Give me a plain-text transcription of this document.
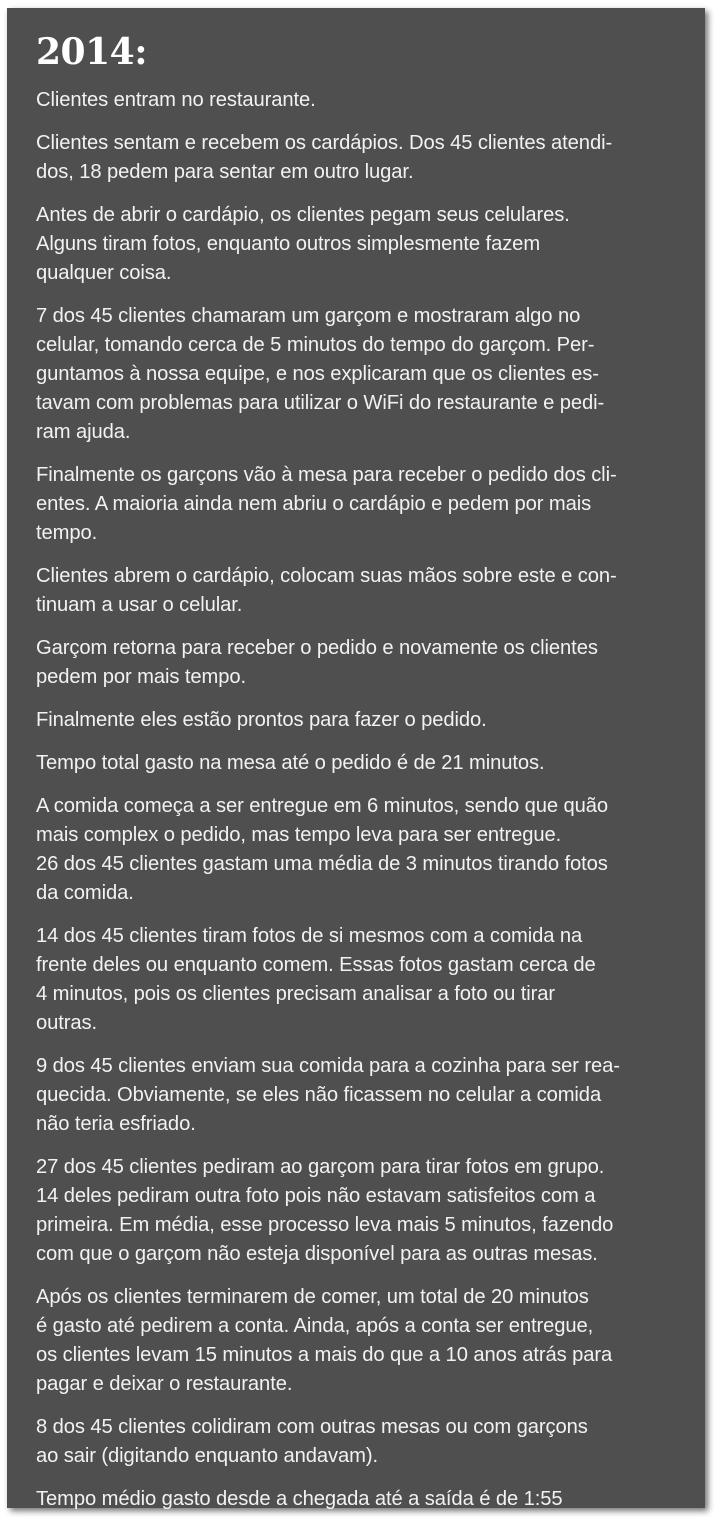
2014:
Clientes entram no restaurante.
Clientes sentam e recebem os cardápios. Dos 45 clientes atendi-
dos, 18 pedem para sentar em outro lugar.
Antes de abrir o cardápio, os clientes pegam seus celulares.
Alguns tiram fotos, enquanto outros simplesmente fazem
qualquer coisa.
7 dos 45 clientes chamaram um garçom e mostraram algo no
celular, tomando cerca de 5 minutos do tempo do garçom. Per-
guntamos à nossa equipe, e nos explicaram que os clientes es-
tavam com problemas para utilizar o WiFi do restaurante e pedi-
ram ajuda.
Finalmente os garçons vão à mesa para receber o pedido dos cli-
entes. A maioria ainda nem abriu o cardápio e pedem por mais
tempo.
Clientes abrem o cardápio, colocam suas mãos sobre este e con-
tinuam a usar o celular.
Garçom retorna para receber o pedido e novamente os clientes
pedem por mais tempo.
Finalmente eles estão prontos para fazer o pedido.
Tempo total gasto na mesa até o pedido é de 21 minutos.
A comida começa a ser entregue em 6 minutos, sendo que quão
mais complex o pedido, mas tempo leva para ser entregue.
26 dos 45 clientes gastam uma média de 3 minutos tirando fotos
da comida.
14 dos 45 clientes tiram fotos de si mesmos com a comida na
frente deles ou enquanto comem. Essas fotos gastam cerca de
4 minutos, pois os clientes precisam analisar a foto ou tirar
outras.
9 dos 45 clientes enviam sua comida para a cozinha para ser rea-
quecida. Obviamente, se eles não ficassem no celular a comida
não teria esfriado.
27 dos 45 clientes pediram ao garçom para tirar fotos em grupo.
14 deles pediram outra foto pois não estavam satisfeitos com a
primeira. Em média, esse processo leva mais 5 minutos, fazendo
com que o garçom não esteja disponível para as outras mesas.
Após os clientes terminarem de comer, um total de 20 minutos
é gasto até pedirem a conta. Ainda, após a conta ser entregue,
os clientes levam 15 minutos a mais do que a 10 anos atrás para
pagar e deixar o restaurante.
8 dos 45 clientes colidiram com outras mesas ou com garçons
ao sair (digitando enquanto andavam).
Tempo médio gasto desde a chegada até a saída é de 1:55
